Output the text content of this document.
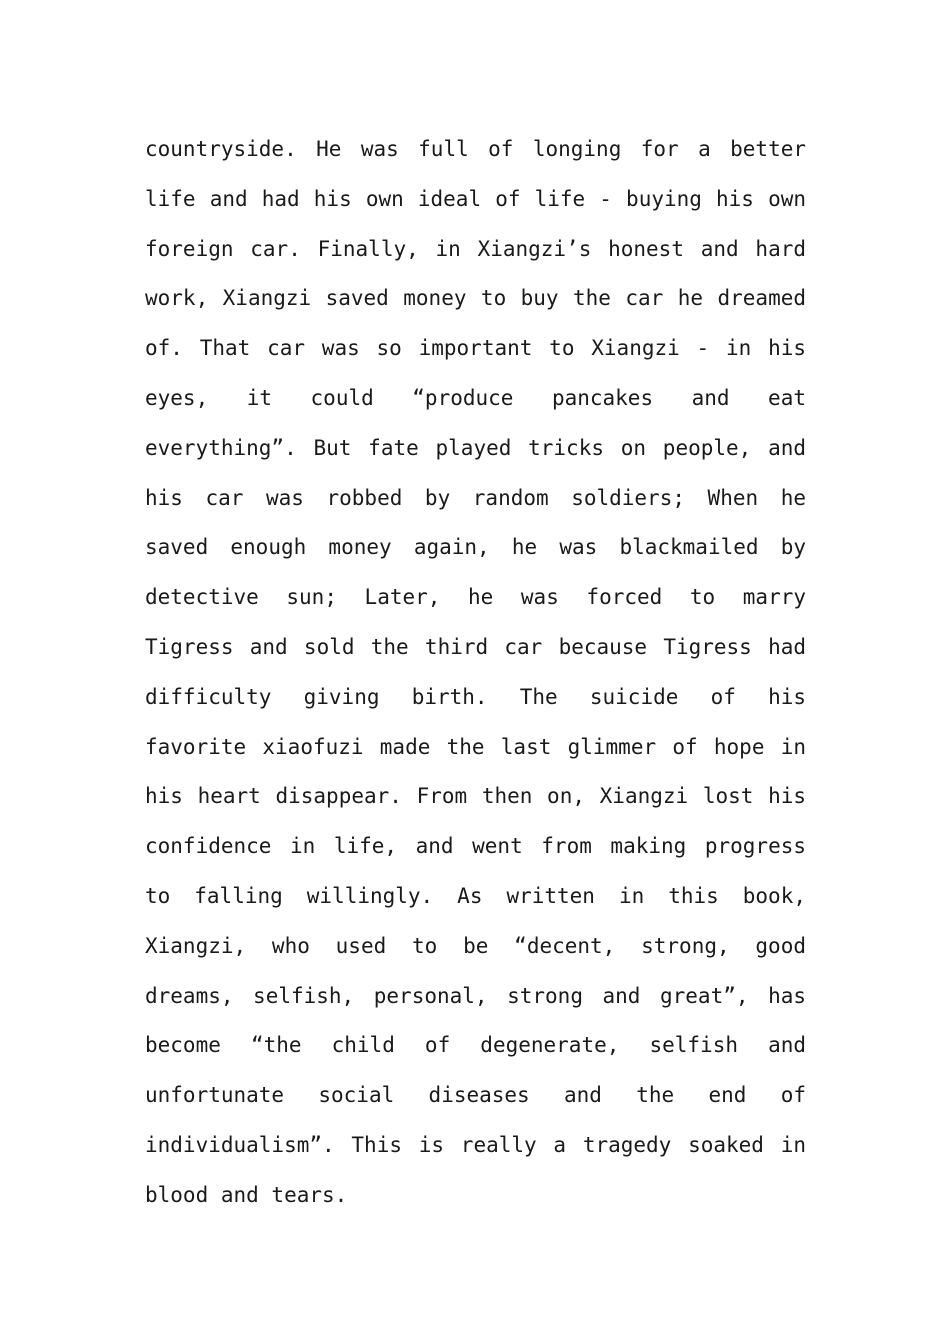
countryside. He was full of longing for a better
life and had his own ideal of life - buying his own
foreign car. Finally, in Xiangzi’s honest and hard
work, Xiangzi saved money to buy the car he dreamed
of. That car was so important to Xiangzi - in his
eyes, it could “produce pancakes and eat
everything”. But fate played tricks on people, and
his car was robbed by random soldiers; When he
saved enough money again, he was blackmailed by
detective sun; Later, he was forced to marry
Tigress and sold the third car because Tigress had
difficulty giving birth. The suicide of his
favorite xiaofuzi made the last glimmer of hope in
his heart disappear. From then on, Xiangzi lost his
confidence in life, and went from making progress
to falling willingly. As written in this book,
Xiangzi, who used to be “decent, strong, good
dreams, selfish, personal, strong and great”, has
become “the child of degenerate, selfish and
unfortunate social diseases and the end of
individualism”. This is really a tragedy soaked in
blood and tears.
